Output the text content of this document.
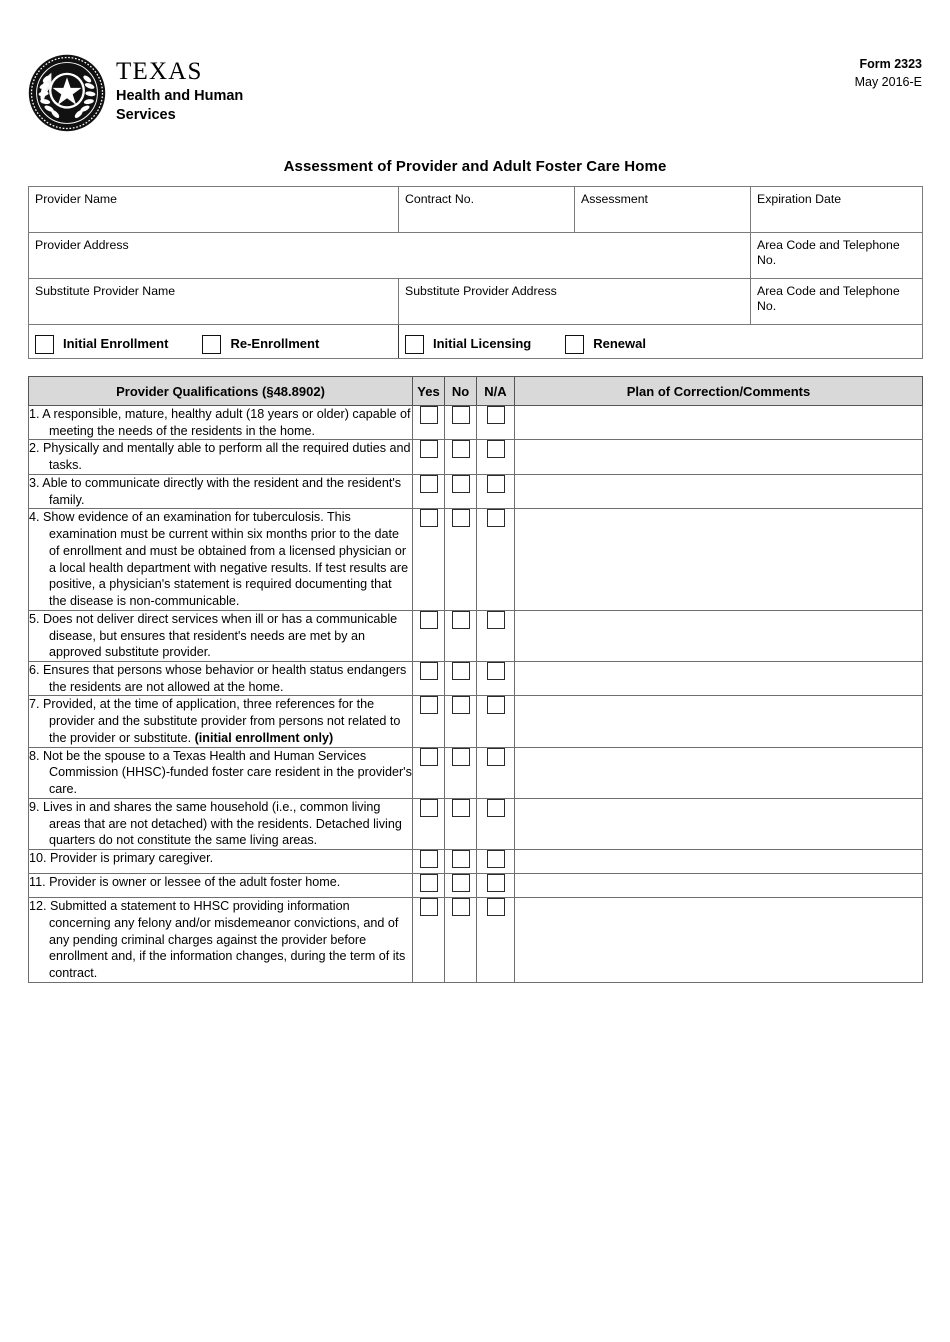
TEXAS
Health and Human
Services
Form 2323
May 2016-E
Assessment of Provider and Adult Foster Care Home
Provider Name	Contract No.	Assessment	Expiration Date
Provider Address			Area Code and Telephone No.
Substitute Provider Name	Substitute Provider Address		Area Code and Telephone No.

Initial Enrollment	Re-Enrollment	Initial Licensing	Renewal
Provider Qualifications (§48.8902)	Yes	No	N/A	Plan of Correction/Comments

1. A responsible, mature, healthy adult (18 years or older) capable of meeting the needs of the residents in the home.				

2. Physically and mentally able to perform all the required duties and tasks.				

3. Able to communicate directly with the resident and the resident's family.				

4. Show evidence of an examination for tuberculosis. This examination must be current within six months prior to the date of enrollment and must be obtained from a licensed physician or a local health department with negative results. If test results are positive, a physician's statement is required documenting that the disease is non-communicable.				

5. Does not deliver direct services when ill or has a communicable disease, but ensures that resident's needs are met by an approved substitute provider.				

6. Ensures that persons whose behavior or health status endangers the residents are not allowed at the home.				

7. Provided, at the time of application, three references for the provider and the substitute provider from persons not related to the provider or substitute. (initial enrollment only)				

8. Not be the spouse to a Texas Health and Human Services Commission (HHSC)-funded foster care resident in the provider's care.				

9. Lives in and shares the same household (i.e., common living areas that are not detached) with the residents. Detached living quarters do not constitute the same living areas.				

10. Provider is primary caregiver.				

11. Provider is owner or lessee of the adult foster home.				

12. Submitted a statement to HHSC providing information concerning any felony and/or misdemeanor convictions, and of any pending criminal charges against the provider before enrollment and, if the information changes, during the term of its contract.				
